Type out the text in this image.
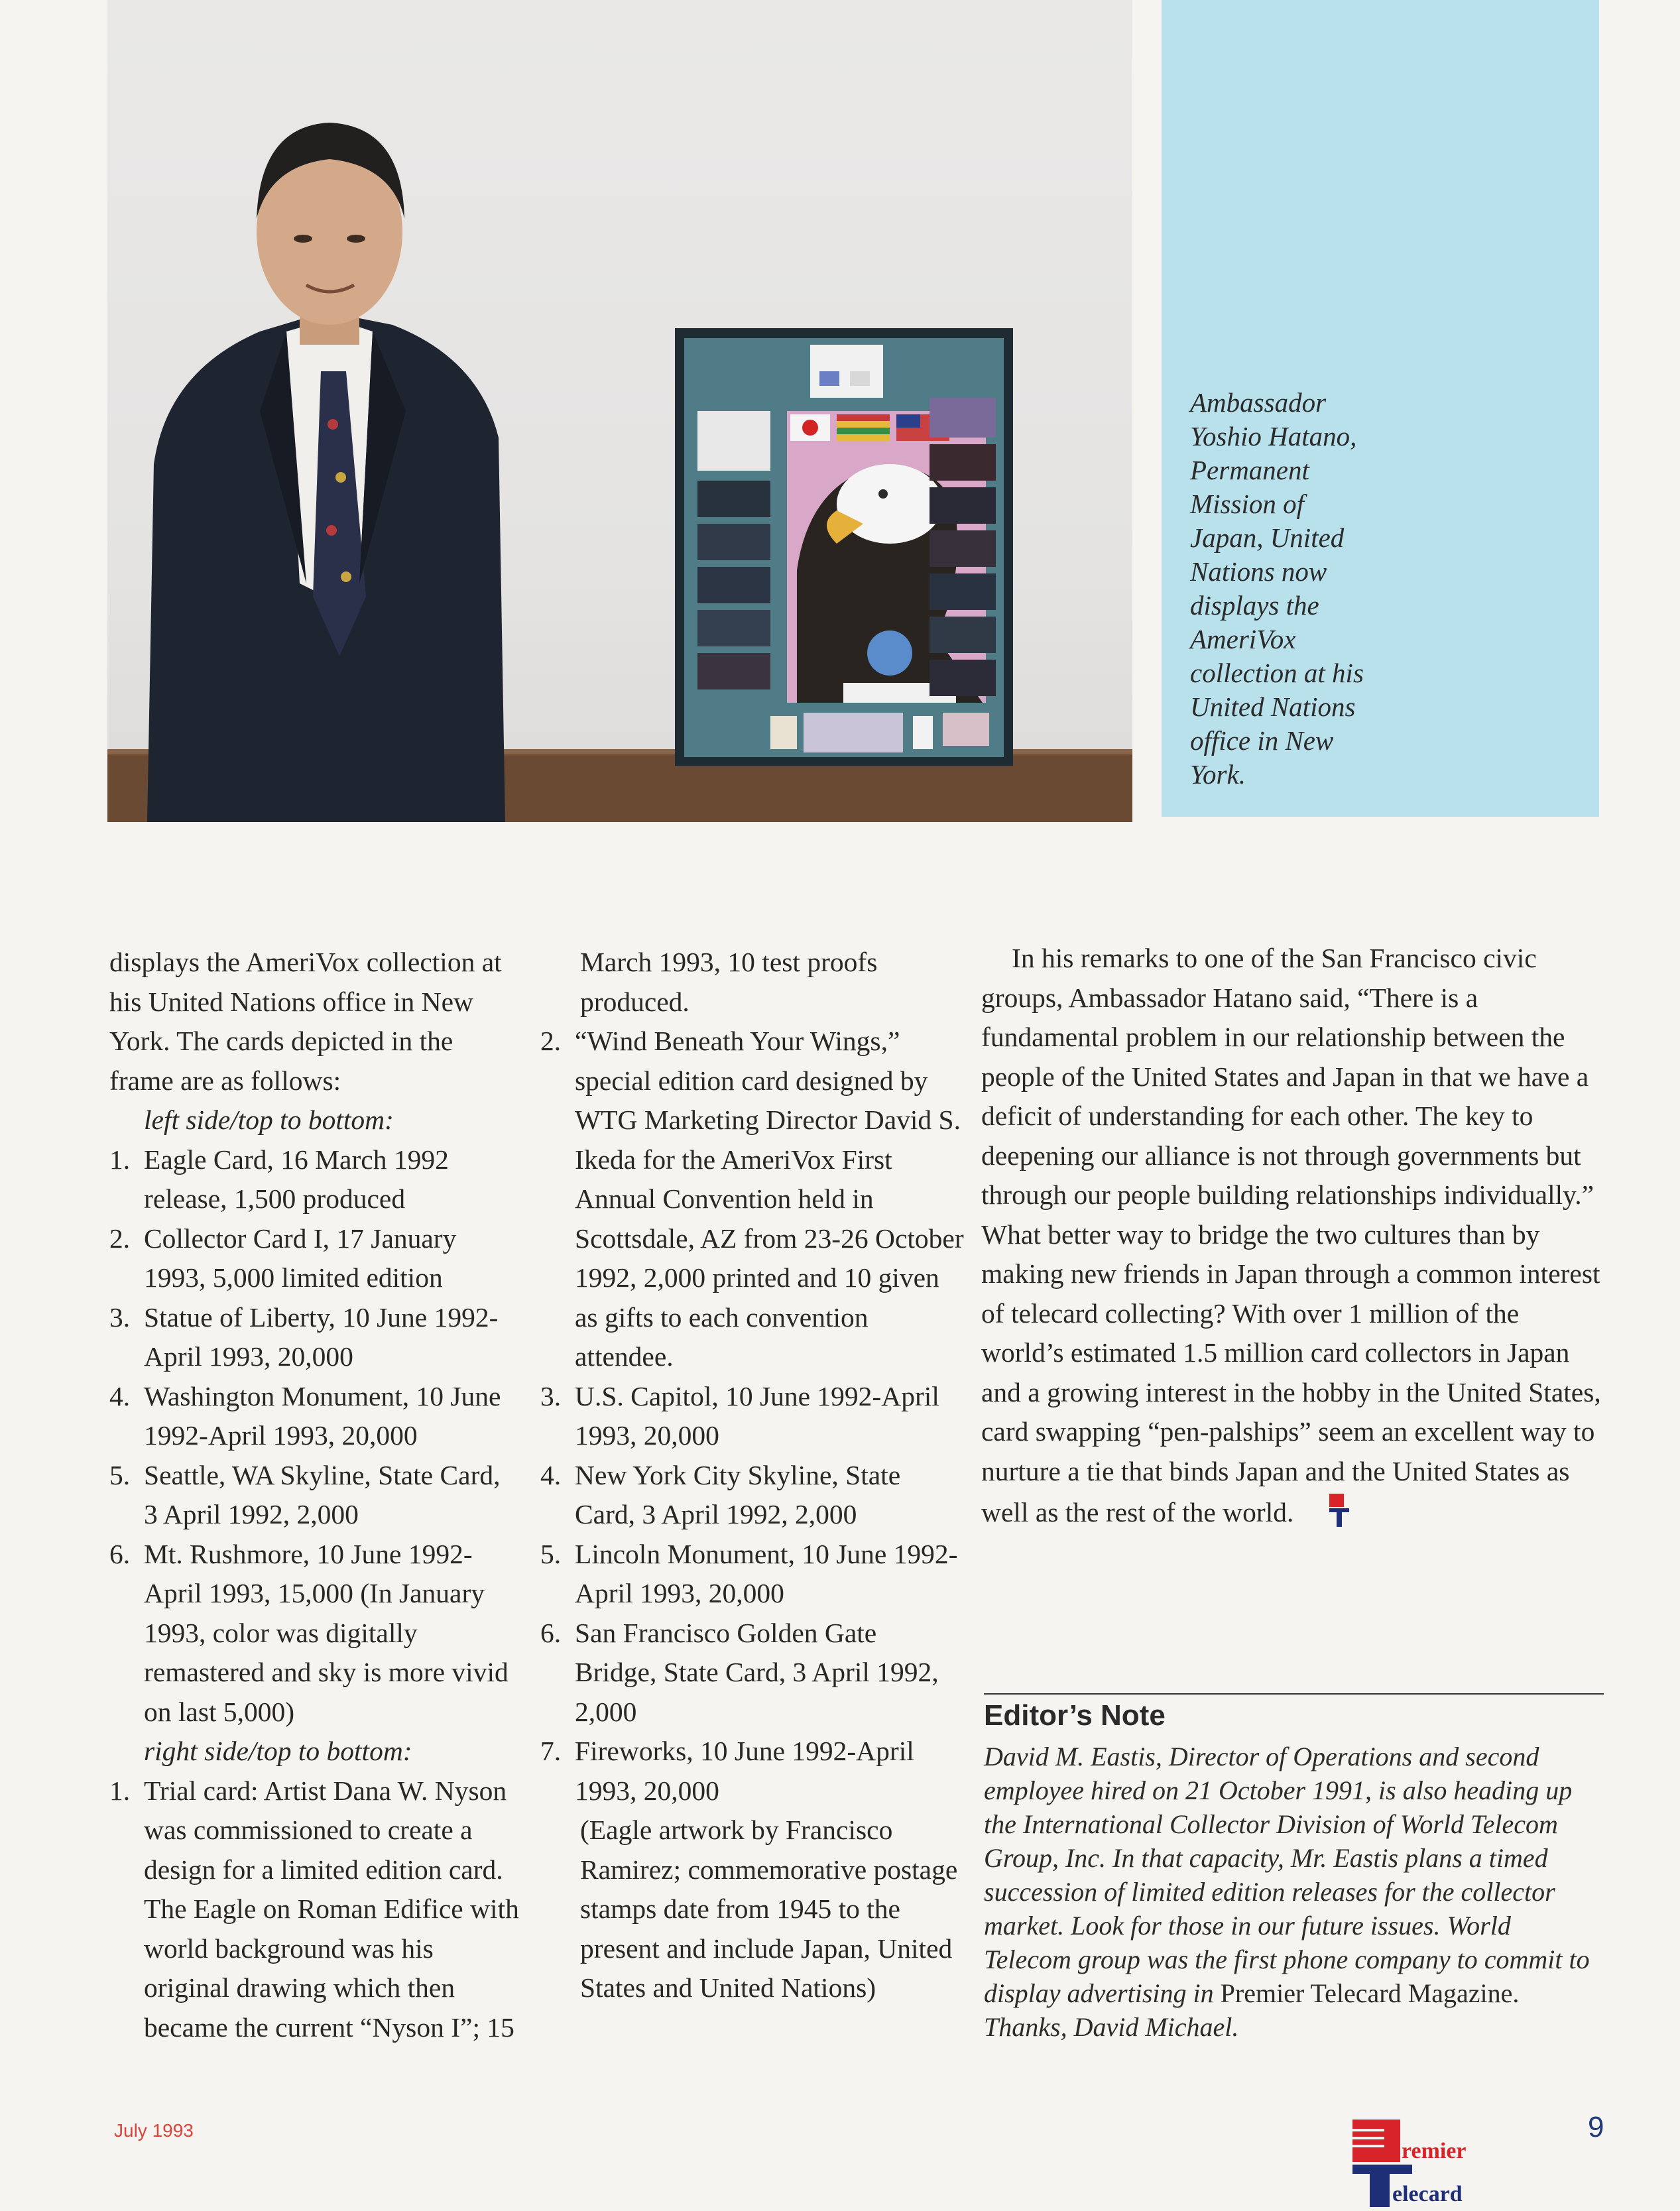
Ambassador
Yoshio Hatano,
Permanent
Mission of
Japan, United
Nations now
displays the
AmeriVox
collection at his
United Nations
office in New
York.

displays the AmeriVox collection at his United Nations office in New York. The cards depicted in the frame are as follows:

left side/top to bottom:

1. Eagle Card, 16 March 1992 release, 1,500 produced
2. Collector Card I, 17 January 1993, 5,000 limited edition
3. Statue of Liberty, 10 June 1992-April 1993, 20,000
4. Washington Monument, 10 June 1992-April 1993, 20,000
5. Seattle, WA Skyline, State Card, 3 April 1992, 2,000
6. Mt. Rushmore, 10 June 1992-April 1993, 15,000 (In January 1993, color was digitally remastered and sky is more vivid on last 5,000)

right side/top to bottom:

1. Trial card: Artist Dana W. Nyson was commissioned to create a design for a limited edition card. The Eagle on Roman Edifice with world background was his original drawing which then became the current “Nyson I”; 15

March 1993, 10 test proofs produced.

2. “Wind Beneath Your Wings,” special edition card designed by WTG Marketing Director David S. Ikeda for the AmeriVox First Annual Convention held in Scottsdale, AZ from 23-26 October 1992, 2,000 printed and 10 given as gifts to each convention attendee.
3. U.S. Capitol, 10 June 1992-April 1993, 20,000
4. New York City Skyline, State Card, 3 April 1992, 2,000
5. Lincoln Monument, 10 June 1992-April 1993, 20,000
6. San Francisco Golden Gate Bridge, State Card, 3 April 1992, 2,000
7. Fireworks, 10 June 1992-April 1993, 20,000

(Eagle artwork by Francisco Ramirez; commemorative postage stamps date from 1945 to the present and include Japan, United States and United Nations)

In his remarks to one of the San Francisco civic groups, Ambassador Hatano said, “There is a fundamental problem in our relationship between the people of the United States and Japan in that we have a deficit of understanding for each other. The key to deepening our alliance is not through governments but through our people building relationships individually.” What better way to bridge the two cultures than by making new friends in Japan through a common interest of telecard collecting? With over 1 million of the world’s estimated 1.5 million card collectors in Japan and a growing interest in the hobby in the United States, card swapping “pen-palships” seem an excellent way to nurture a tie that binds Japan and the United States as well as the rest of the world.

Editor’s Note

David M. Eastis, Director of Operations and second employee hired on 21 October 1991, is also heading up the International Collector Division of World Telecom Group, Inc. In that capacity, Mr. Eastis plans a timed succession of limited edition releases for the collector market. Look for those in our future issues. World Telecom group was the first phone company to commit to display advertising in Premier Telecard Magazine.
Thanks, David Michael.

July 1993	9
remier
elecard
